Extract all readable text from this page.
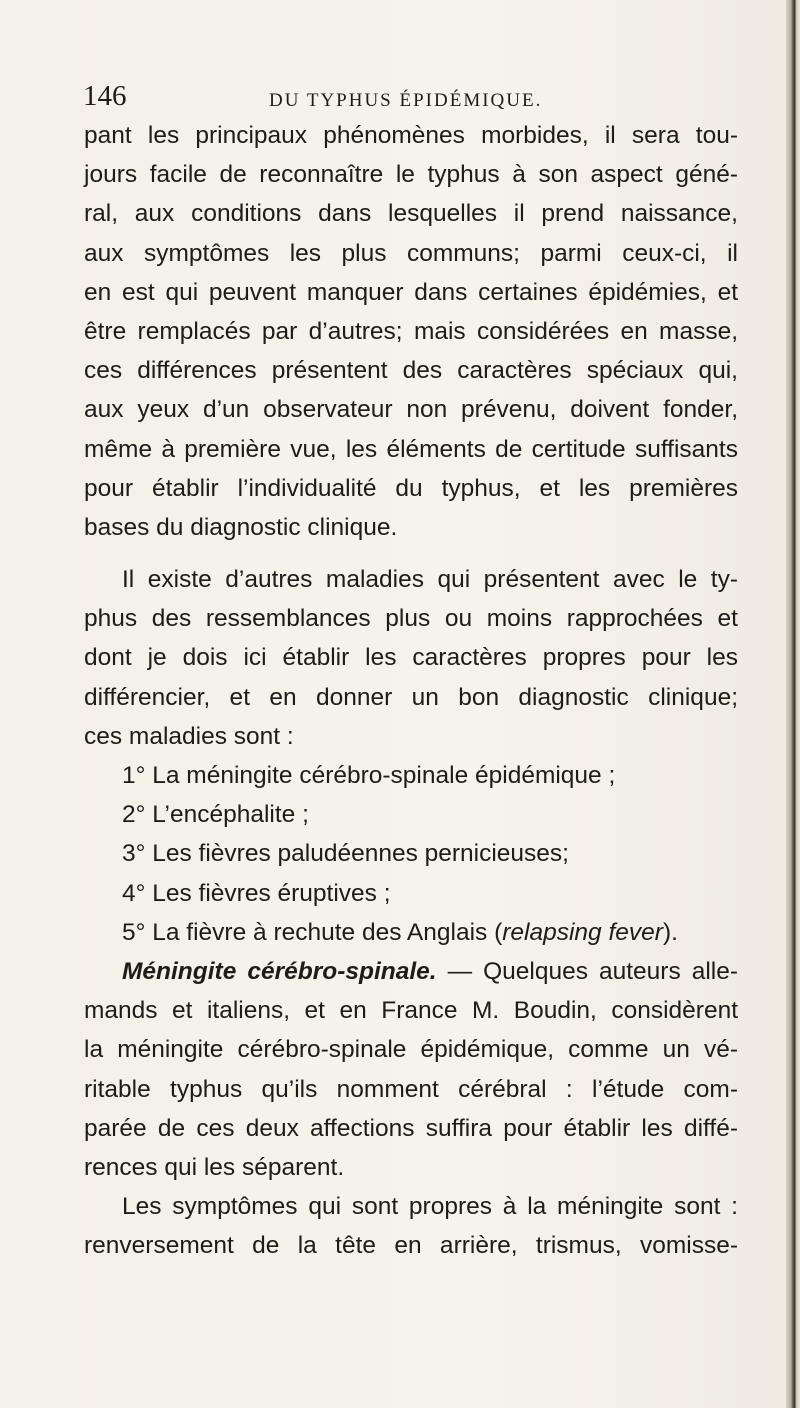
146	DU TYPHUS ÉPIDÉMIQUE.
pant les principaux phénomènes morbides, il sera tou-
jours facile de reconnaître le typhus à son aspect géné-
ral, aux conditions dans lesquelles il prend naissance,
aux symptômes les plus communs; parmi ceux-ci, il
en est qui peuvent manquer dans certaines épidémies, et
être remplacés par d’autres; mais considérées en masse,
ces différences présentent des caractères spéciaux qui,
aux yeux d’un observateur non prévenu, doivent fonder,
même à première vue, les éléments de certitude suffisants
pour établir l’individualité du typhus, et les premières
bases du diagnostic clinique.
Il existe d’autres maladies qui présentent avec le ty-
phus des ressemblances plus ou moins rapprochées et
dont je dois ici établir les caractères propres pour les
différencier, et en donner un bon diagnostic clinique;
ces maladies sont :
1° La méningite cérébro-spinale épidémique ;
2° L’encéphalite ;
3° Les fièvres paludéennes pernicieuses;
4° Les fièvres éruptives ;
5° La fièvre à rechute des Anglais (relapsing fever).
Méningite cérébro-spinale. — Quelques auteurs alle-
mands et italiens, et en France M. Boudin, considèrent
la méningite cérébro-spinale épidémique, comme un vé-
ritable typhus qu’ils nomment cérébral : l’étude com-
parée de ces deux affections suffira pour établir les diffé-
rences qui les séparent.
Les symptômes qui sont propres à la méningite sont :
renversement de la tête en arrière, trismus, vomisse-
